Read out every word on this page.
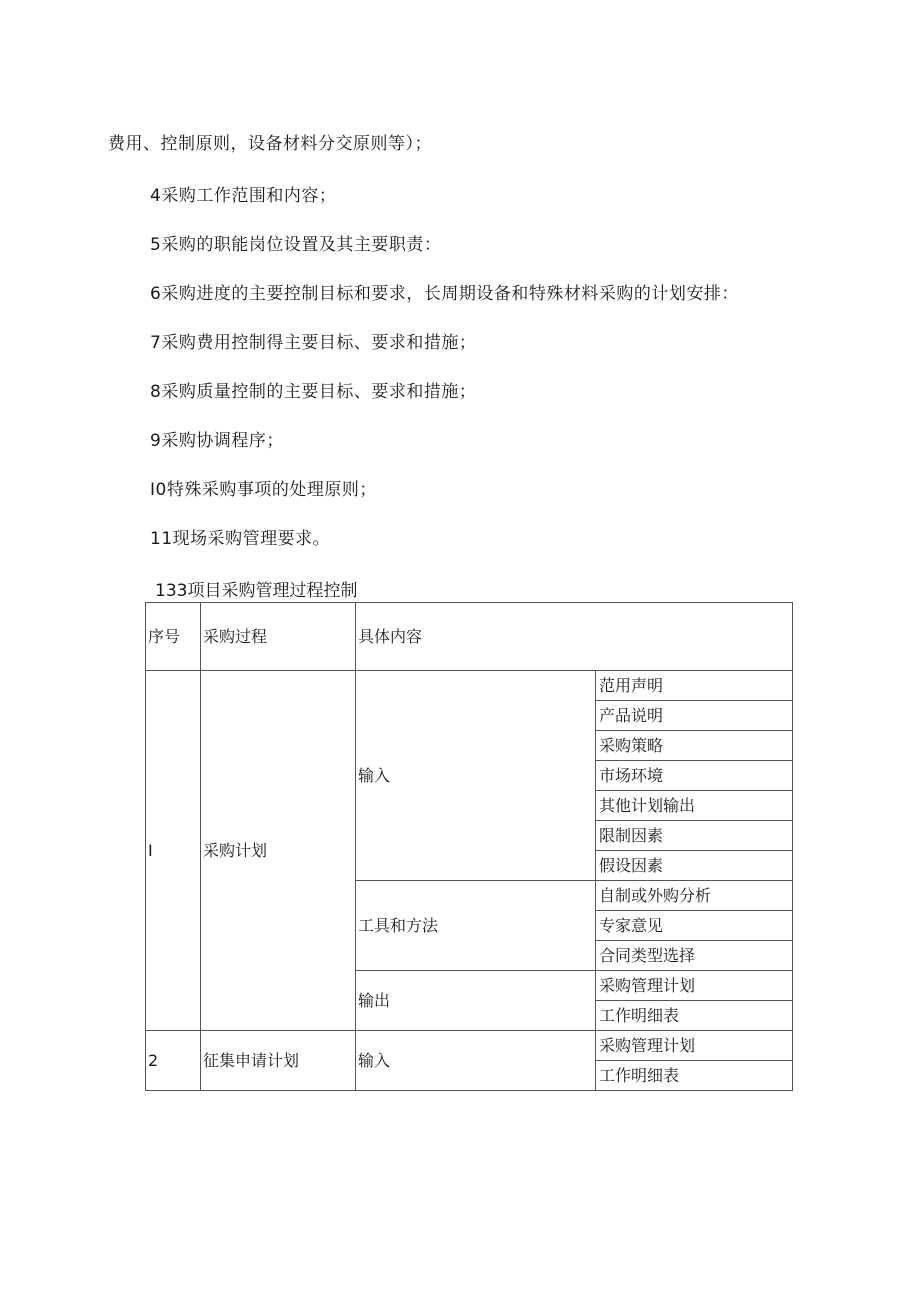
费用、控制原则，设备材料分交原则等）；
4采购工作范围和内容；
5采购的职能岗位设置及其主要职责：
6采购进度的主要控制目标和要求，长周期设备和特殊材料采购的计划安排：
7采购费用控制得主要目标、要求和措施；
8采购质量控制的主要目标、要求和措施；
9采购协调程序；
I0特殊采购事项的处理原则；
11现场采购管理要求。
133项目采购管理过程控制
序号	采购过程	具体内容	
I	采购计划	输入	范用声明
			产品说明
			采购策略
			市场环境
			其他计划输出
			限制因素
			假设因素
		工具和方法	自制或外购分析
			专家意见
			合同类型选择
		输出	采购管理计划
			工作明细表
2	征集申请计划	输入	采购管理计划
			工作明细表
